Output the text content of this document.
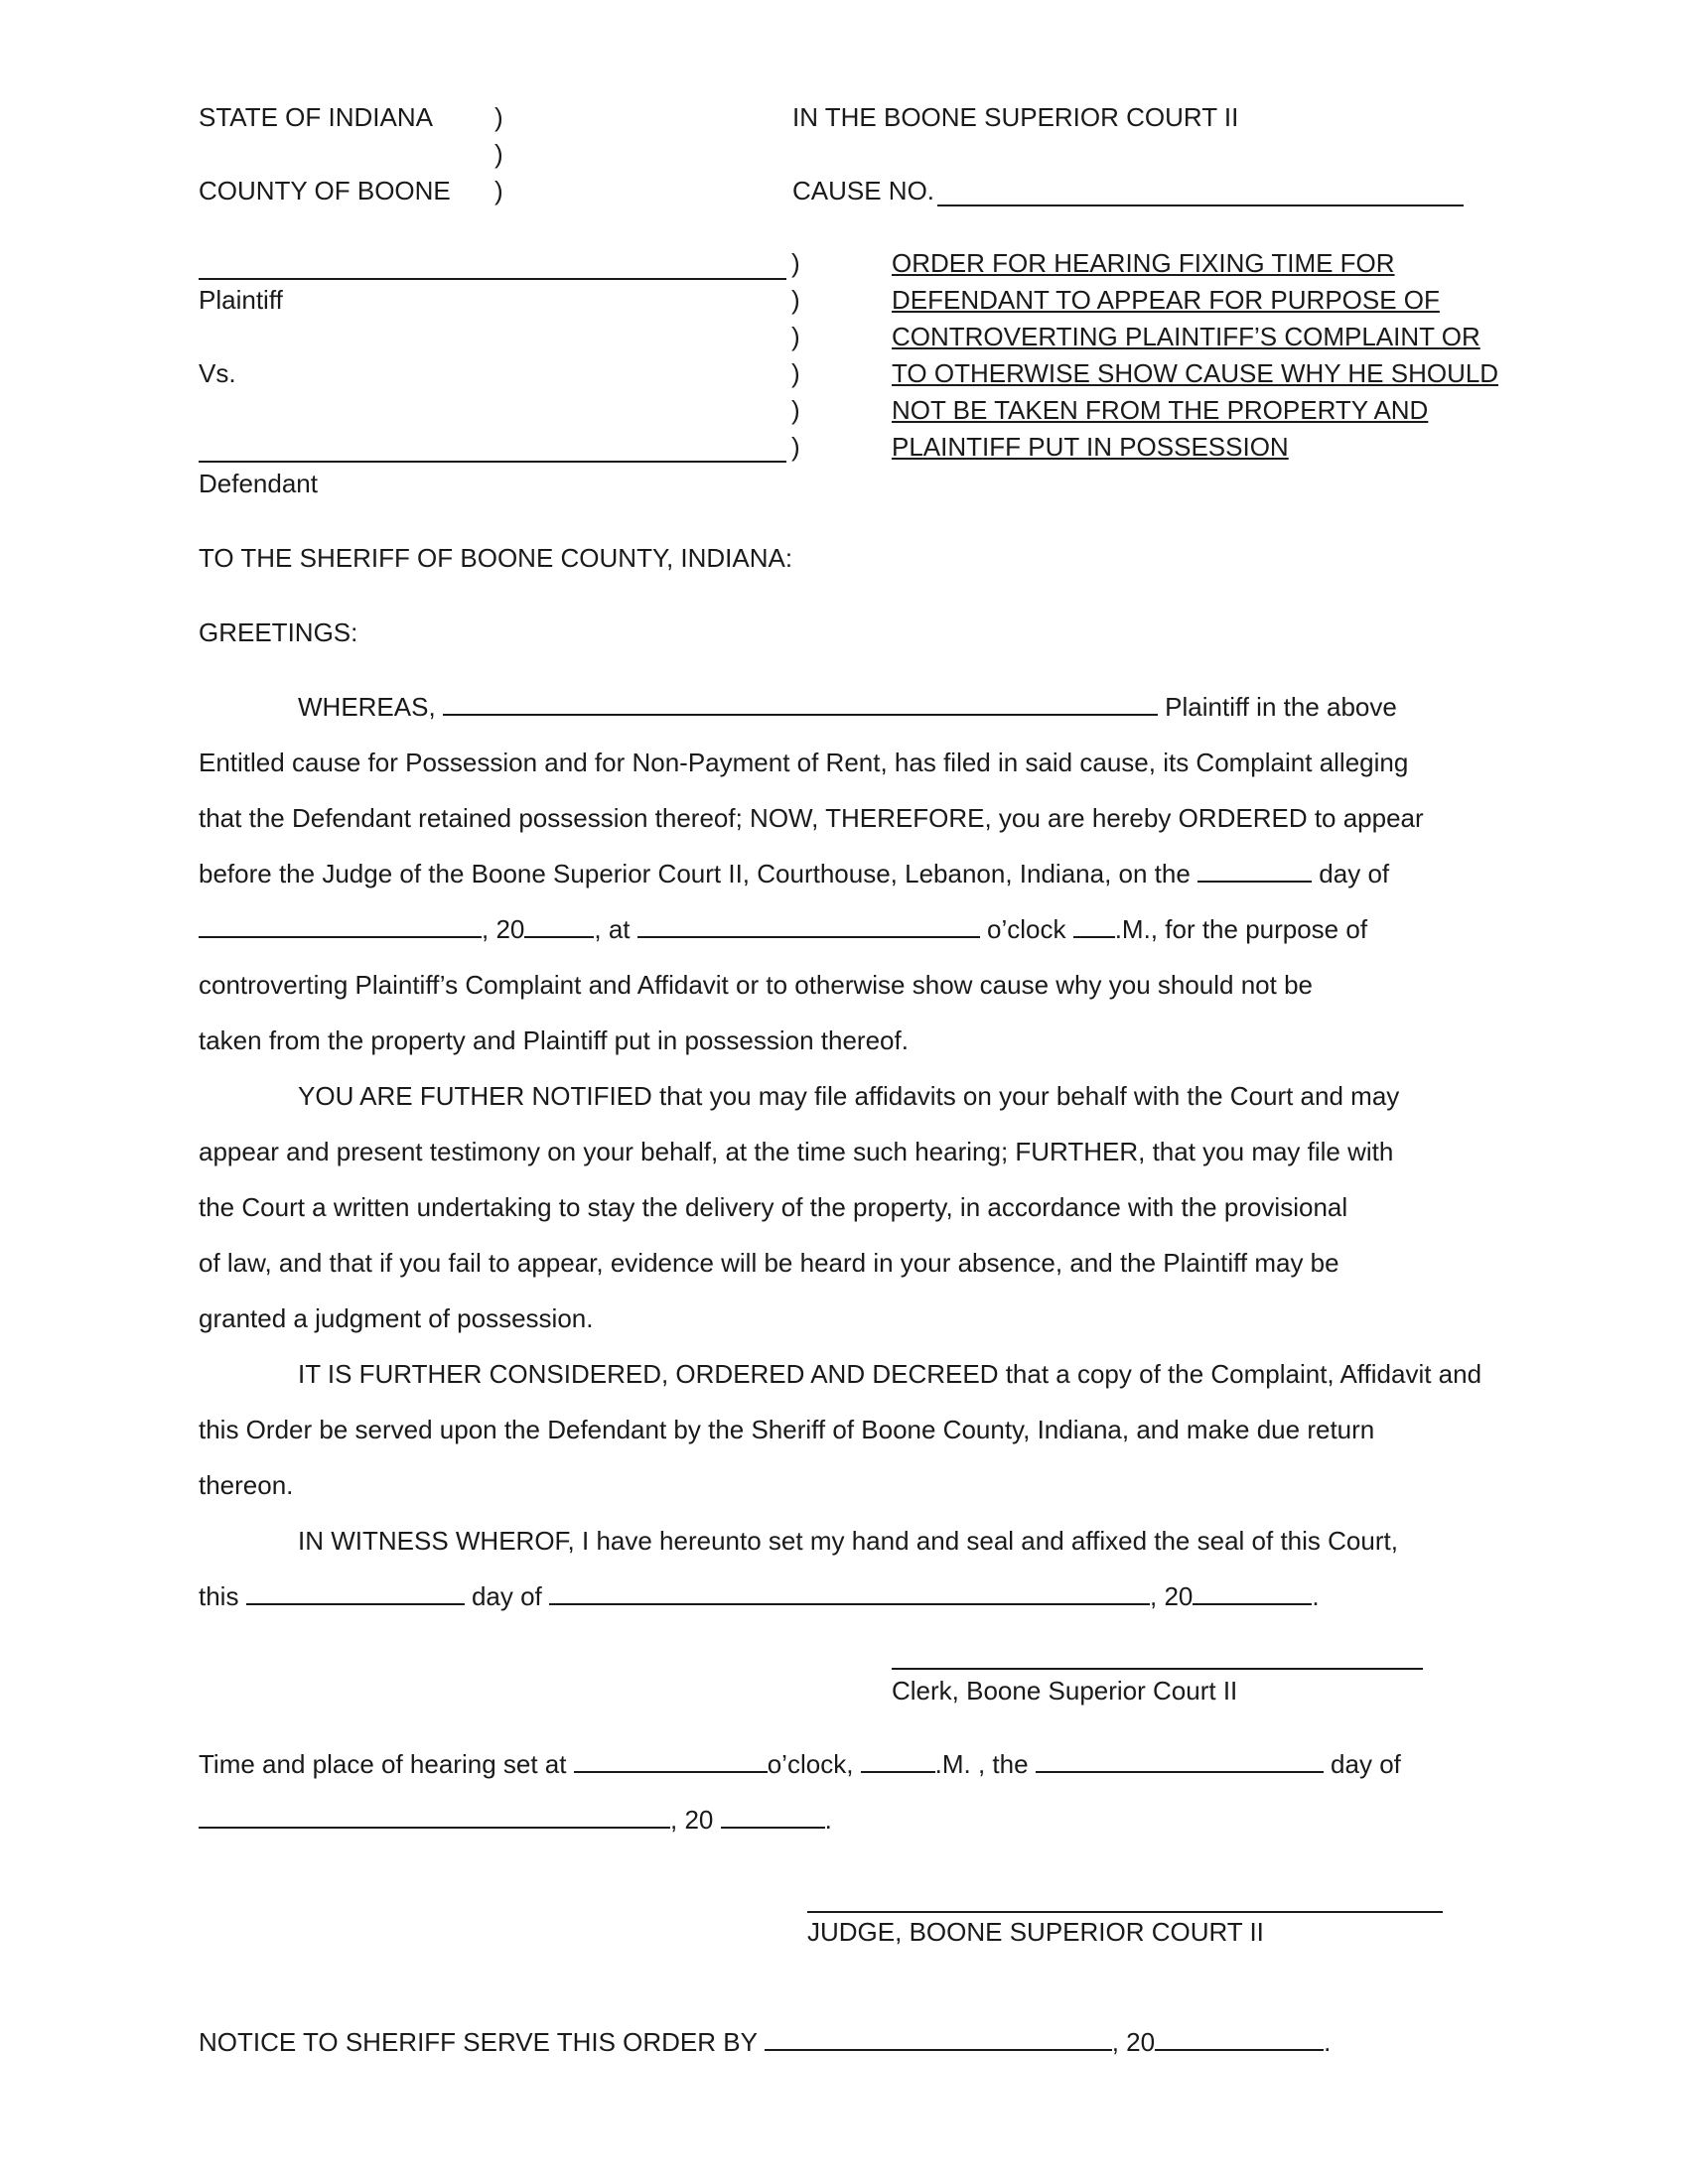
STATE OF INDIANA )
)
COUNTY OF BOONE )
IN THE BOONE SUPERIOR COURT II
CAUSE NO.
)
Plaintiff	)
)
Vs.	)
)
)
Defendant
ORDER FOR HEARING FIXING TIME FOR
DEFENDANT TO APPEAR FOR PURPOSE OF
CONTROVERTING PLAINTIFF’S COMPLAINT OR
TO OTHERWISE SHOW CAUSE WHY HE SHOULD
NOT BE TAKEN FROM THE PROPERTY AND
PLAINTIFF PUT IN POSSESSION
TO THE SHERIFF OF BOONE COUNTY, INDIANA:
GREETINGS:
WHEREAS,	Plaintiff in the above
Entitled cause for Possession and for Non-Payment of Rent, has filed in said cause, its Complaint alleging
that the Defendant retained possession thereof; NOW, THEREFORE, you are hereby ORDERED to appear
before the Judge of the Boone Superior Court II, Courthouse, Lebanon, Indiana, on the	day of
, 20	, at	o’clock .M., for the purpose of
controverting Plaintiff’s Complaint and Affidavit or to otherwise show cause why you should not be
taken from the property and Plaintiff put in possession thereof.
YOU ARE FUTHER NOTIFIED that you may file affidavits on your behalf with the Court and may
appear and present testimony on your behalf, at the time such hearing; FURTHER, that you may file with
the Court a written undertaking to stay the delivery of the property, in accordance with the provisional
of law, and that if you fail to appear, evidence will be heard in your absence, and the Plaintiff may be
granted a judgment of possession.
IT IS FURTHER CONSIDERED, ORDERED AND DECREED that a copy of the Complaint, Affidavit and
this Order be served upon the Defendant by the Sheriff of Boone County, Indiana, and make due return
thereon.
IN WITNESS WHEROF, I have hereunto set my hand and seal and affixed the seal of this Court,
this	day of	, 20	.
Clerk, Boone Superior Court II
Time and place of hearing set at	o’clock,	.M. , the	day of
, 20	.
JUDGE, BOONE SUPERIOR COURT II
NOTICE TO SHERIFF SERVE THIS ORDER BY	, 20	.
